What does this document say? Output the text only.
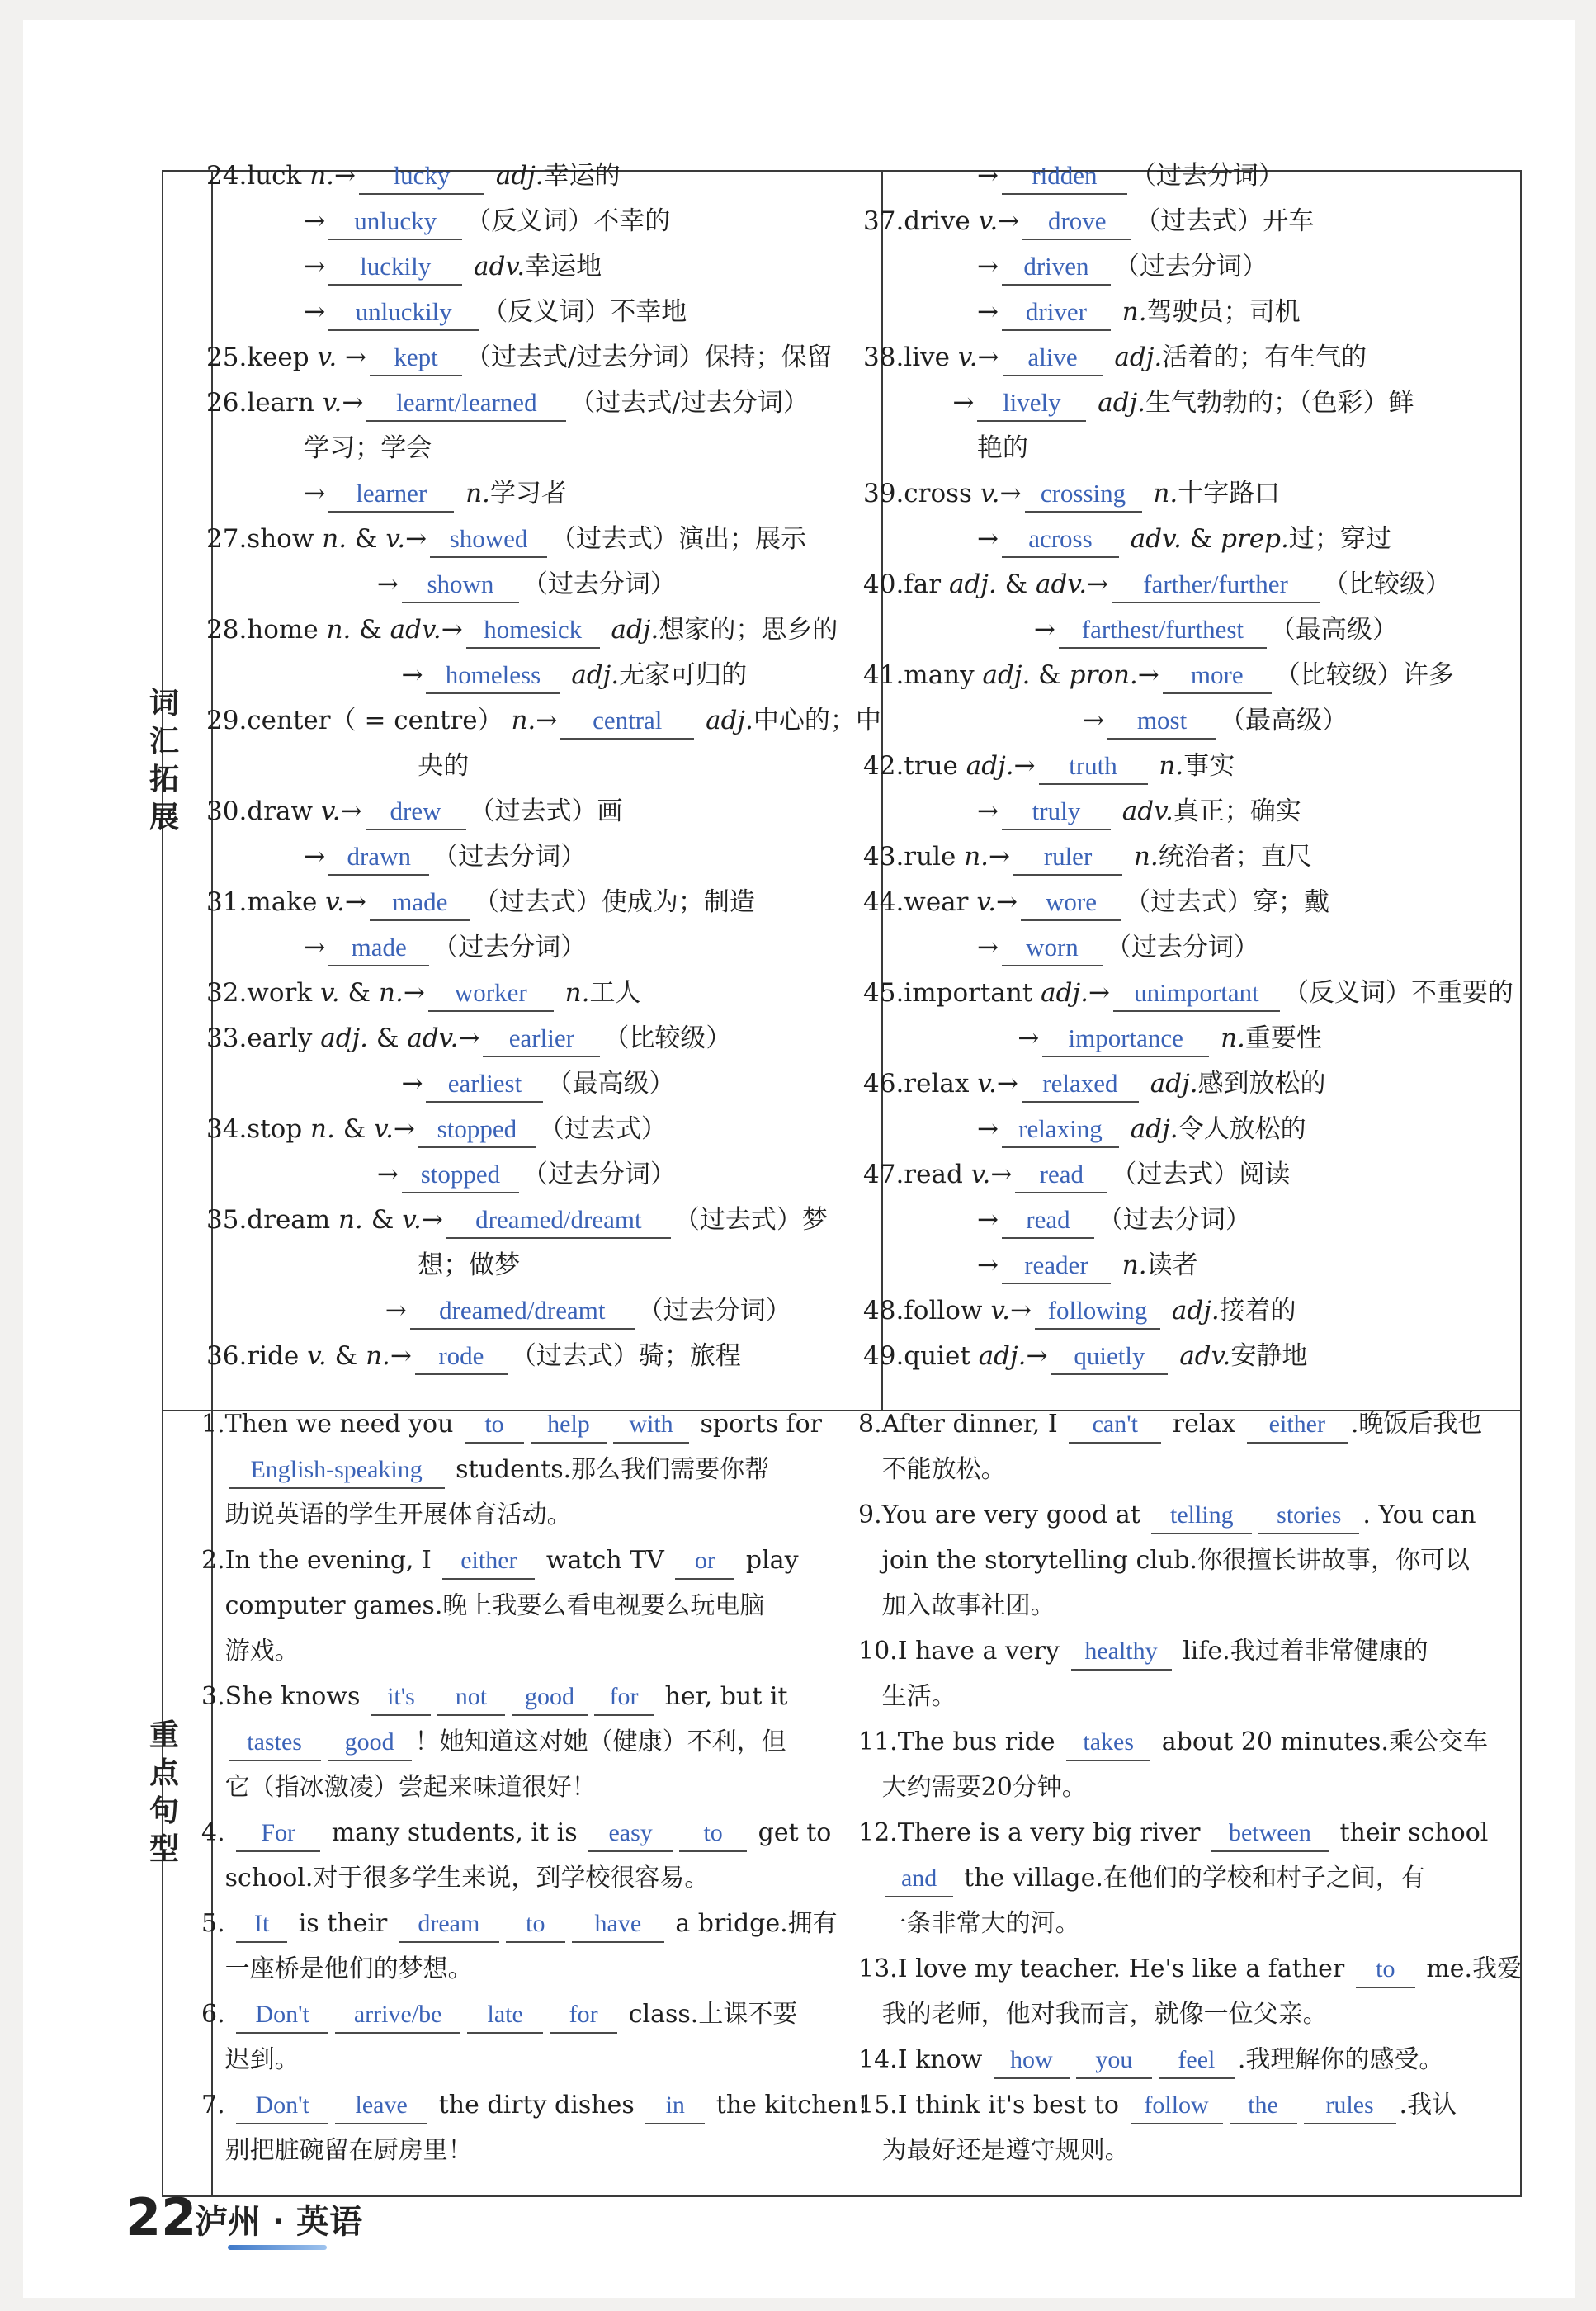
词汇拓展
重点句型
24.luck n.→ lucky adj.幸运的
→ unlucky （反义词）不幸的
→ luckily adv.幸运地
→ unluckily （反义词）不幸地
25.keep v. → kept （过去式/过去分词）保持；保留
26.learn v.→ learnt/learned （过去式/过去分词）
学习；学会
→ learner n.学习者
27.show n. & v.→ showed （过去式）演出；展示
→ shown （过去分词）
28.home n. & adv.→ homesick adj.想家的；思乡的
→ homeless adj.无家可归的
29.center（ = centre） n.→ central adj.中心的；中
央的
30.draw v.→ drew （过去式）画
→ drawn （过去分词）
31.make v.→ made （过去式）使成为；制造
→ made （过去分词）
32.work v. & n.→ worker n.工人
33.early adj. & adv.→ earlier （比较级）
→ earliest （最高级）
34.stop n. & v.→ stopped （过去式）
→ stopped （过去分词）
35.dream n. & v.→ dreamed/dreamt （过去式）梦
想；做梦
→ dreamed/dreamt （过去分词）
36.ride v. & n.→ rode （过去式）骑；旅程
→ ridden （过去分词）
37.drive v.→ drove （过去式）开车
→ driven （过去分词）
→ driver n.驾驶员；司机
38.live v.→ alive adj.活着的；有生气的
→ lively adj.生气勃勃的；（色彩）鲜
艳的
39.cross v.→ crossing n.十字路口
→ across adv. & prep.过；穿过
40.far adj. & adv.→ farther/further （比较级）
→ farthest/furthest （最高级）
41.many adj. & pron.→ more （比较级）许多
→ most （最高级）
42.true adj.→ truth n.事实
→ truly adv.真正；确实
43.rule n.→ ruler n.统治者；直尺
44.wear v.→ wore （过去式）穿；戴
→ worn （过去分词）
45.important adj.→ unimportant （反义词）不重要的
→ importance n.重要性
46.relax v.→ relaxed adj.感到放松的
→ relaxing adj.令人放松的
47.read v.→ read （过去式）阅读
→ read （过去分词）
→ reader n.读者
48.follow v.→ following adj.接着的
49.quiet adj.→ quietly adv.安静地
1.Then we need you to help with sports for
English-speaking students.那么我们需要你帮
助说英语的学生开展体育活动。
2.In the evening, I either watch TV or play
computer games.晚上我要么看电视要么玩电脑
游戏。
3.She knows it's not good for her, but it
tastes good ！她知道这对她（健康）不利，但
它（指冰激凌）尝起来味道很好！
4. For many students, it is easy to get to
school.对于很多学生来说，到学校很容易。
5. It is their dream to have a bridge.拥有
一座桥是他们的梦想。
6. Don't arrive/be late for class.上课不要
迟到。
7. Don't leave the dirty dishes in the kitchen!
别把脏碗留在厨房里！
8.After dinner, I can't relax either .晚饭后我也
不能放松。
9.You are very good at telling stories . You can
join the storytelling club.你很擅长讲故事，你可以
加入故事社团。
10.I have a very healthy life.我过着非常健康的
生活。
11.The bus ride takes about 20 minutes.乘公交车
大约需要20分钟。
12.There is a very big river between their school
and the village.在他们的学校和村子之间，有
一条非常大的河。
13.I love my teacher. He's like a father to me.我爱
我的老师，他对我而言，就像一位父亲。
14.I know how you feel .我理解你的感受。
15.I think it's best to follow the rules .我认
为最好还是遵守规则。
22
泸州 · 英语
